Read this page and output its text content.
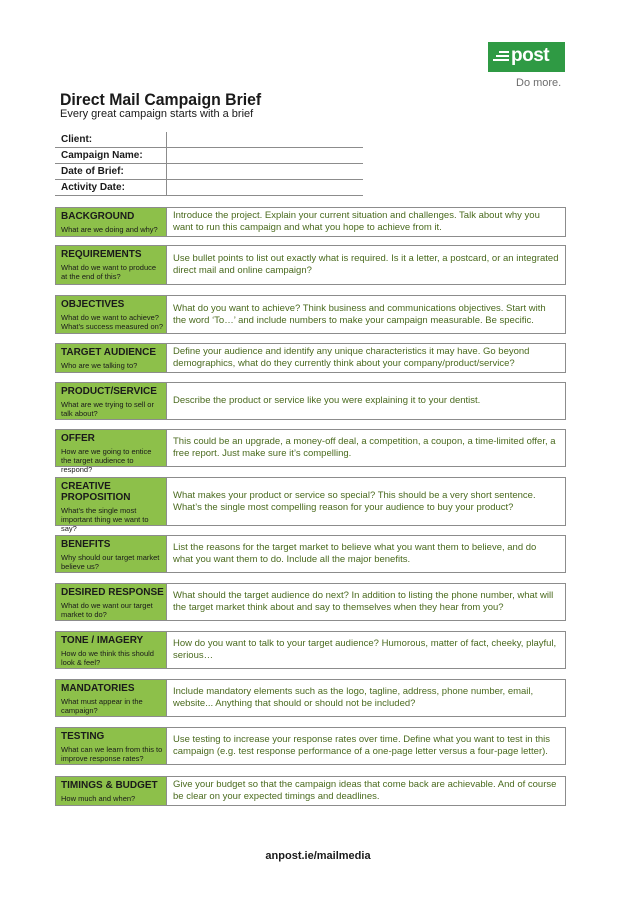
post
Do more.
Direct Mail Campaign Brief
Every great campaign starts with a brief
Client:
Campaign Name:
Date of Brief:
Activity Date:
BACKGROUND
What are we doing and why?
Introduce the project. Explain your current situation and challenges. Talk about why you want to run this campaign and what you hope to achieve from it.
REQUIREMENTS
What do we want to produce at the end of this?
Use bullet points to list out exactly what is required. Is it a letter, a postcard, or an integrated direct mail and online campaign?
OBJECTIVES
What do we want to achieve? What’s success measured on?
What do you want to achieve? Think business and communications objectives. Start with the word ‘To…’ and include numbers to make your campaign measurable. Be specific.
TARGET AUDIENCE
Who are we talking to?
Define your audience and identify any unique characteristics it may have. Go beyond demographics, what do they currently think about your company/product/service?
PRODUCT/SERVICE
What are we trying to sell or talk about?
Describe the product or service like you were explaining it to your dentist.
OFFER
How are we going to entice the target audience to respond?
This could be an upgrade, a money-off deal, a competition, a coupon, a time-limited offer, a free report. Just make sure it’s compelling.
CREATIVE PROPOSITION
What’s the single most important thing we want to say?
What makes your product or service so special? This should be a very short sentence. What’s the single most compelling reason for your audience to buy your product?
BENEFITS
Why should our target market believe us?
List the reasons for the target market to believe what you want them to believe, and do what you want them to do. Include all the major benefits.
DESIRED RESPONSE
What do we want our target market to do?
What should the target audience do next? In addition to listing the phone number, what will the target market think about and say to themselves when they hear from you?
TONE / IMAGERY
How do we think this should look & feel?
How do you want to talk to your target audience? Humorous, matter of fact, cheeky, playful, serious…
MANDATORIES
What must appear in the campaign?
Include mandatory elements such as the logo, tagline, address, phone number, email, website... Anything that should or should not be included?
TESTING
What can we learn from this to improve response rates?
Use testing to increase your response rates over time. Define what you want to test in this campaign (e.g. test response performance of a one-page letter versus a four-page letter).
TIMINGS & BUDGET
How much and when?
Give your budget so that the campaign ideas that come back are achievable. And of course be clear on your expected timings and deadlines.
anpost.ie/mailmedia
